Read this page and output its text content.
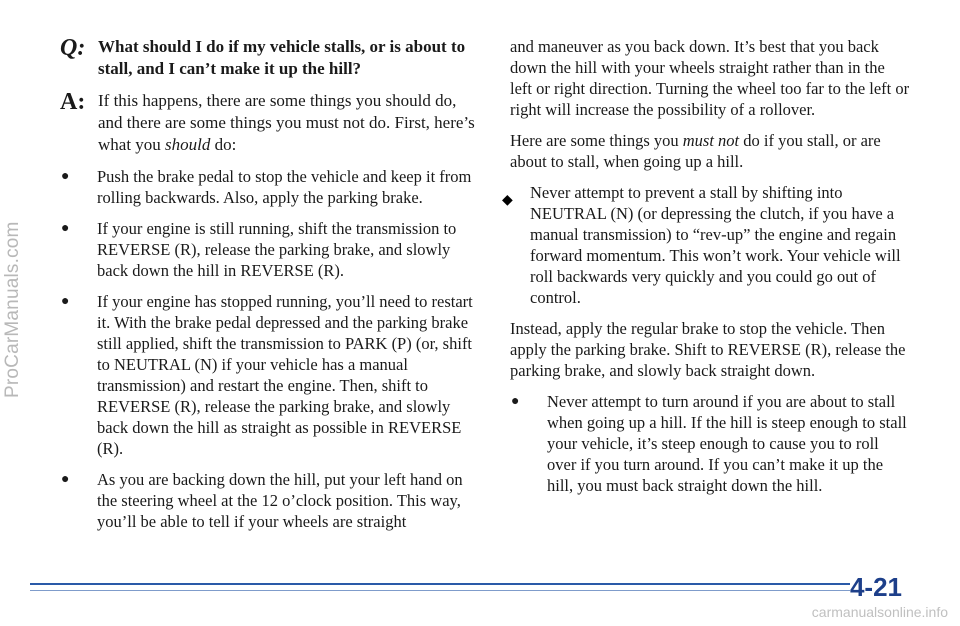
ProCarManuals.com
Q: What should I do if my vehicle stalls, or is about to stall, and I can’t make it up the hill?
A: If this happens, there are some things you should do, and there are some things you must not do. First, here’s what you should do:
● Push the brake pedal to stop the vehicle and keep it from rolling backwards. Also, apply the parking brake.
● If your engine is still running, shift the transmission to REVERSE (R), release the parking brake, and slowly back down the hill in REVERSE (R).
● If your engine has stopped running, you’ll need to restart it. With the brake pedal depressed and the parking brake still applied, shift the transmission to PARK (P) (or, shift to NEUTRAL (N) if your vehicle has a manual transmission) and restart the engine. Then, shift to REVERSE (R), release the parking brake, and slowly back down the hill as straight as possible in REVERSE (R).
● As you are backing down the hill, put your left hand on the steering wheel at the 12 o’clock position. This way, you’ll be able to tell if your wheels are straight

and maneuver as you back down. It’s best that you back down the hill with your wheels straight rather than in the left or right direction. Turning the wheel too far to the left or right will increase the possibility of a rollover.

Here are some things you must not do if you stall, or are about to stall, when going up a hill.

◆ Never attempt to prevent a stall by shifting into NEUTRAL (N) (or depressing the clutch, if you have a manual transmission) to “rev-up” the engine and regain forward momentum. This won’t work. Your vehicle will roll backwards very quickly and you could go out of control.

Instead, apply the regular brake to stop the vehicle. Then apply the parking brake. Shift to REVERSE (R), release the parking brake, and slowly back straight down.

● Never attempt to turn around if you are about to stall when going up a hill. If the hill is steep enough to stall your vehicle, it’s steep enough to cause you to roll over if you turn around. If you can’t make it up the hill, you must back straight down the hill.
4-21
carmanualsonline.info
